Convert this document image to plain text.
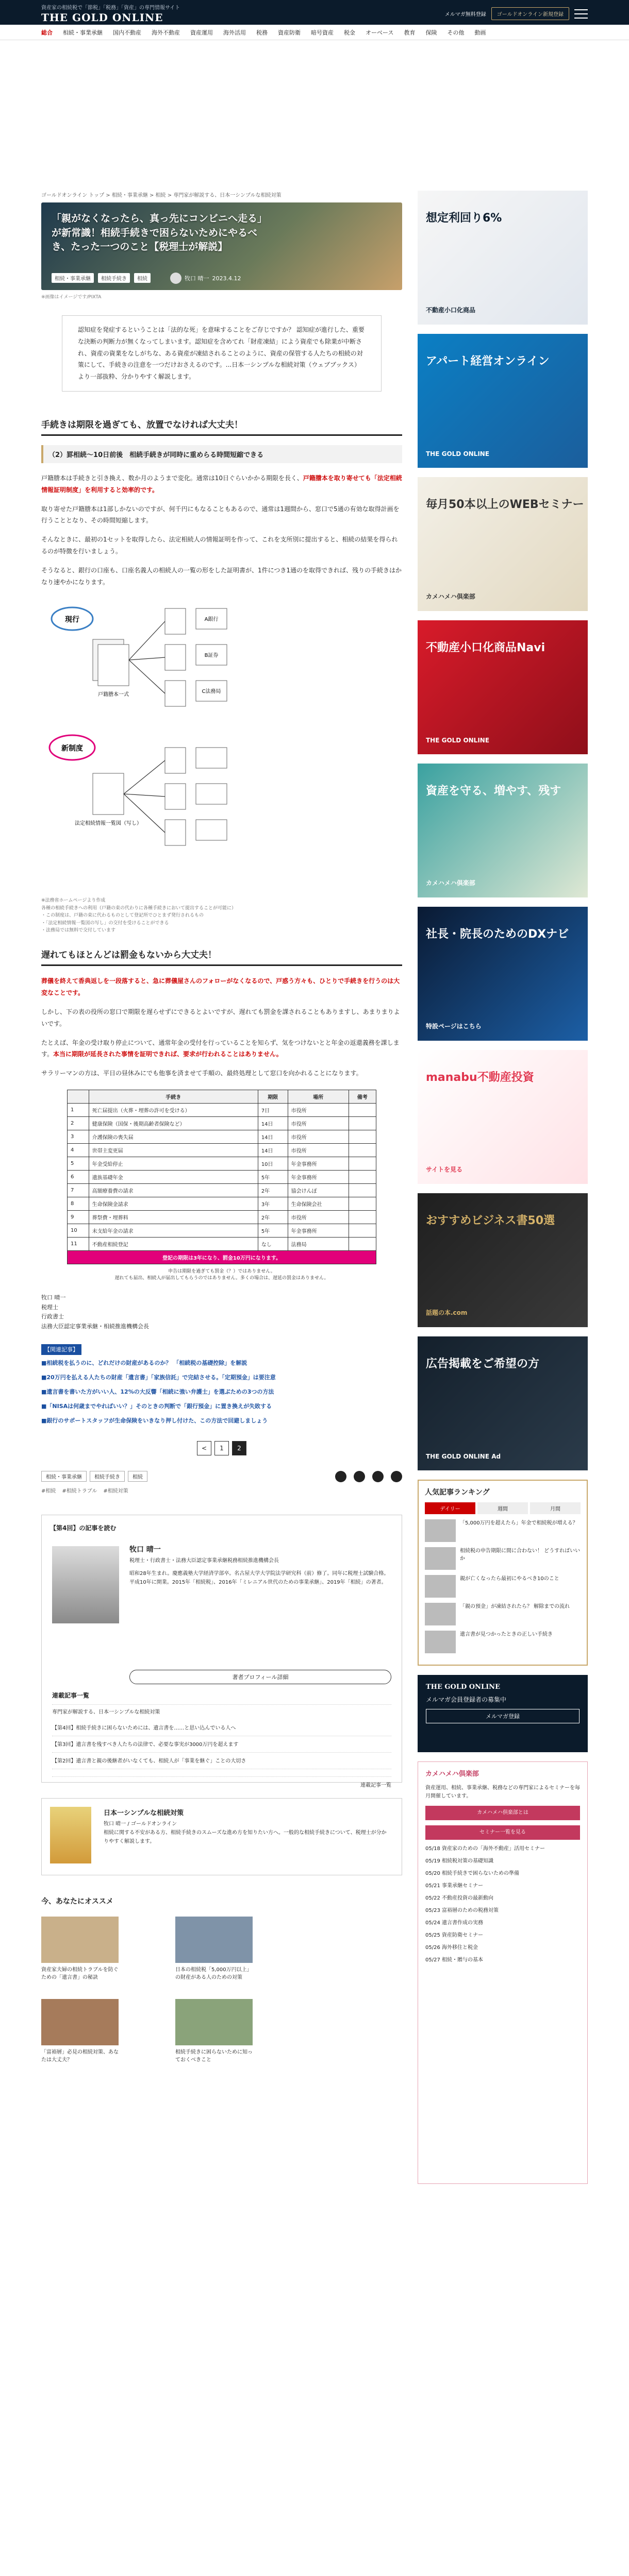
資産家の相続税で「節税」「税務」「資産」の専門情報サイト
THE GOLD ONLINE	メルマガ無料登録	ゴールドオンライン新規登録
総合 相続・事業承継 国内不動産 海外不動産 資産運用 海外活用 税務 資産防衛 暗号資産 税金 オーベース 教育 保険 その他 動画
ゴールドオンライン トップ > 相続・事業承継 > 相続 > 専門家が解説する、日本一シンプルな相続対策
「親がなくなったら、真っ先にコンビニへ走る」が新常識！相続手続きで困らないためにやるべき、たった一つのこと【税理士が解説】
相続・事業承継	相続手続き	相続	牧口 晴一 2023.4.12
※画像はイメージです/PIXTA
認知症を発症するということは「法的な死」を意味することをご存じですか？ 認知症が進行した、重要な決断の判断力が無くなってしまいます。認知症を含めてれ「財産凍結」によう資産でも除業が中断され、資産の資業をなしがちな、ある資産が凍結されることのように、資産の保管する人たちの相続の対策にして、手続きの注意を一つだけおさえるのです。...日本一シンプルな相続対策（ウェブブックス）より一部抜粋、分かりやすく解説します。
手続きは期限を過ぎても、放置でなければ大丈夫！
（2）罫相続〜10日前後　相続手続きが同時に重めらる時間短縮できる

戸籍謄本は手続きと引き換え、数か月のようまで変化。通常は10日ぐらいかかる期限を長く、戸籍謄本を取り寄せても「法定相続情報証明制度」を利用すると効率的です。

取り寄せた戸籍謄本は1部しかないのですが、何千円にもなることもあるので、通常は1週間から、窓口で5通の有効な取得計画を行うこととなり、その時間短縮します。

そんなときに、最初の1セットを取得したら、法定相続人の情報証明を作って、これを支所別に提出すると、相続の結果を得られるのが特徴を行いましょう。

そうなると、銀行の口座も、口座名義人の相続人の一覧の形をした証明書が、1件につき1通のを取得できれば、残りの手続きはかなり速やかになります。

現行
戸籍謄本一式
A銀行
B証券
C法務局
新制度
法定相続情報一覧図（写し）
※法務省ホームページより作成
各種の相続手続きへの利用（戸籍の束の代わりに各種手続きにおいて提出することが可能に）
・この制度は、戸籍の束に代わるものとして登記所でひとまず発行されるもの
・「法定相続情報一覧図の写し」の交付を受けることができる
・法務局では無料で交付しています
遅れてもほとんどは罰金もないから大丈夫！

葬儀を終えて香典返しを一段落すると、急に葬儀屋さんのフォローがなくなるので、戸惑う方々も、ひとりで手続きを行うのは大変なことです。

しかし、下の表の役所の窓口で期限を遅らせずにできるとよいですが、遅れても罰金を課されることもありますし、あまりまりよいです。

たとえば、年金の受け取り停止について、通常年金の受付を行っていることを知らず、気をつけないとと年金の返還義務を課します。本当に期限が延長された事情を証明できれば、要求が行われることはありません。

サラリーマンの方は、平日の昼休みにでも他事を済ませて手順の、最終処理として窓口を向かれることになります。

	手続き	期限	場所	備考
1	死亡届提出（火葬・埋葬の許可を受ける）	7日	市役所	
2	健康保険（国保・後期高齢者保険など）	14日	市役所	
3	介護保険の喪失届	14日	市役所	
4	世帯主変更届	14日	市役所	
5	年金受給停止	10日	年金事務所	
6	遺族基礎年金	5年	年金事務所	
7	高額療養費の請求	2年	協会けんぽ	
8	生命保険金請求	3年	生命保険会社	
9	葬祭費・埋葬料	2年	市役所	
10	未支給年金の請求	5年	年金事務所	
11	不動産相続登記	なし	法務局	
登記の期限は3年になり、罰金10万円になります。				
申告は期限を過ぎても罰金（？）ではありません。
遅れても届出、相続人が届出してもらうのではありません。多くの場合は、遅延の罰金はありません。
牧口 晴一
税理士
行政書士
法務大臣認定事業承継・相続推進機構会長
【関連記事】
■相続税を払うのに、どれだけの財産があるのか？ 「相続税の基礎控除」を解説
■20万円を払える人たちの財産「遺言書」「家族信託」で完結させる。「定期預金」は要注意
■遺言書を書いた方がいい人、12%の大反響「相続に強い弁護士」を選ぶための3つの方法
■「NISAは何歳までやればいい？」そのときの判断で「銀行預金」に置き換えが失敗する
■銀行のサポートスタッフが生命保険をいきなり押し付けた、この方法で回避しましょう
<	1	2
相続・事業承継	相続手続き	相続
#相続 #相続トラブル #相続対策
【第4回】の記事を読む
牧口 晴一
税理士・行政書士・法務大臣認定事業承継税務相続推進機構会長
昭和28年生まれ。慶應義塾大学経済学部卒。名古屋大学大学院法学研究科（前）修了。同年に税理士試験合格。平成10年に開業。2015年「相続税」、2016年「ミレニアル世代のための事業承継」、2019年「相続」の著者。
著者プロフィール詳細
連載記事一覧
専門家が解説する、日本一シンプルな相続対策
【第4回】相続手続きに困らないためには、遺言書を……と思い込んでいる人へ
【第3回】遺言書を残すべき人たちの法律で、必要な事実が3000万円を超えます
【第2回】遺言書と親の後継者がいなくても、相続人が「事業を継ぐ」ことの大切さ
連載記事一覧
日本一シンプルな相続対策
牧口 晴一 / ゴールドオンライン
相続に関する不安がある方、相続手続きのスムーズな進め方を知りたい方へ。一般的な相続手続きについて、税理士が分かりやすく解説します。
今、あなたにオススメ
資産家夫婦の相続トラブルを防ぐための「遺言書」の秘訣
日本の相続税「5,000万円以上」の財産がある人のための対策
「富裕層」必見の相続対策、あなたは大丈夫？
相続手続きに困らないために知っておくべきこと
想定利回り6%
不動産小口化商品
アパート経営オンライン
THE GOLD ONLINE
毎月50本以上のWEBセミナー
カメハメハ倶楽部
不動産小口化商品Navi
THE GOLD ONLINE
資産を守る、増やす、残す
カメハメハ倶楽部
社長・院長のためのDXナビ
特設ページはこちら
manabu不動産投資
サイトを見る
おすすめビジネス書50選
話題の本.com
広告掲載をご希望の方
THE GOLD ONLINE Ad
人気記事ランキング
デイリー	週間	月間
「5,000万円を超えたら」年金で相続税が増える？
相続税の申告期限に間に合わない！ どうすればいいか
親が亡くなったら最初にやるべき10のこと
「親の預金」が凍結されたら？ 解除までの流れ
遺言書が見つかったときの正しい手続き
THE GOLD ONLINE
メルマガ会員登録者の募集中
メルマガ登録
カメハメハ倶楽部
資産運用、相続、事業承継、税務などの専門家によるセミナーを毎月開催しています。
カメハメハ倶楽部とは
セミナー一覧を見る
05/18 資産家のための「海外不動産」活用セミナー
05/19 相続税対策の基礎知識
05/20 相続手続きで困らないための準備
05/21 事業承継セミナー
05/22 不動産投資の最新動向
05/23 富裕層のための税務対策
05/24 遺言書作成の実務
05/25 資産防衛セミナー
05/26 海外移住と税金
05/27 相続・贈与の基本
